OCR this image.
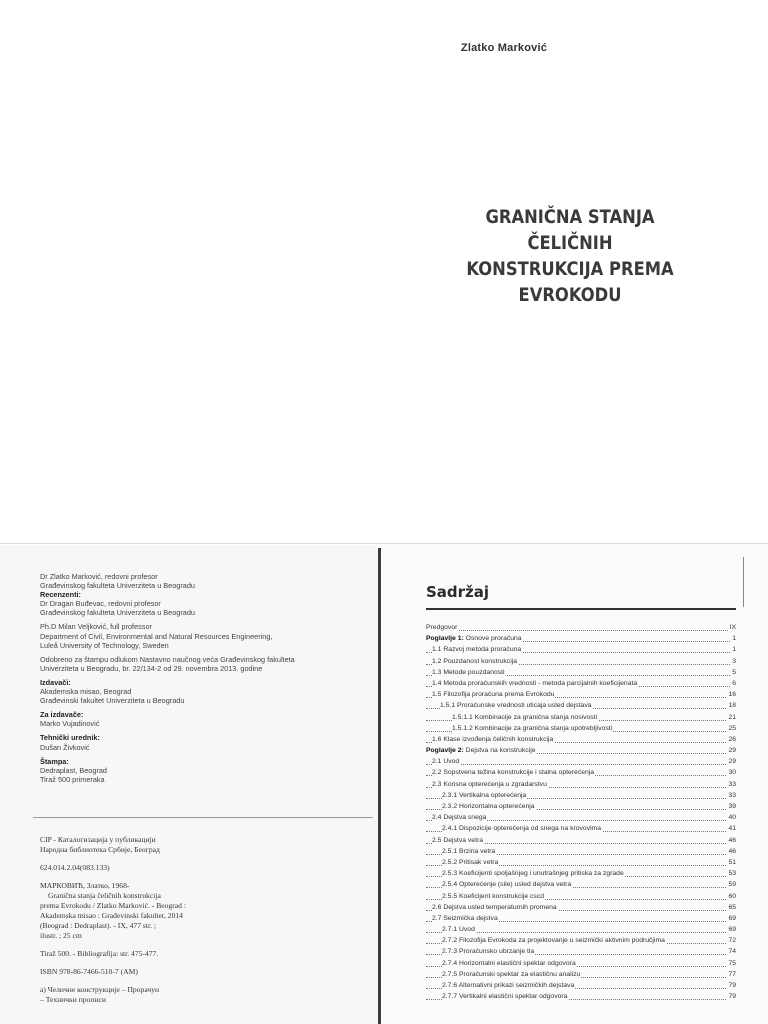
Zlatko Marković
GRANIČNA STANJA ČELIČNIH
KONSTRUKCIJA PREMA
EVROKODU
Dr Zlatko Marković, redovni profesor
Građevinskog fakulteta Univerziteta u Beogradu
Recenzenti:
Dr Dragan Buđevac, redovni profesor
Građevinskog fakulteta Univerziteta u Beogradu
Ph.D Milan Veljković, full professor
Department of Civil, Environmental and Natural Resources Engineering,
Luleå University of Technology, Sweden
Odobreno za štampu odlukom Nastavno naučnog veća Građevinskog fakulteta
Univerziteta u Beogradu, br. 22/134-2 od 29. novembra 2013. godine
Izdavači:
Akademska misao, Beograd
Građevinski fakultet Univerziteta u Beogradu
Za izdavače:
Marko Vujadinović
Tehnički urednik:
Dušan Živković
Štampa:
Dedraplast, Beograd
Tiraž 500 primeraka
CIP - Каталогизација у публикацији
Народна библиотека Србије, Београд
624.014.2.04(083.133)
МАРКОВИЋ, Златко, 1968-
Granična stanja čeličnih konstrukcija
prema Evrokodu / Zlatko Marković. - Beograd :
Akademska misao : Građevinski fakultet, 2014
(Beograd : Dedraplast). - IX, 477 str. ;
ilustr. ; 25 cm
Tiraž 500. - Bibliografija: str. 475-477.
ISBN 978-86-7466-510-7 (AM)
a) Челичне конструкције – Прорачун
– Технички прописи
Sadržaj
Predgovor	IX
Poglavlje 1: Osnove proračuna	1
1.1 Razvoj metoda proračuna	1
1.2 Pouzdanost konstrukcija	3
1.3 Metode pouzdanosti	5
1.4 Metoda proračunskih vrednosti - metoda parcijalnih koeficijenata	6
1.5 Filozofija proračuna prema Evrokodu	16
1.5.1 Proračunske vrednosti uticaja usled dejstava	18
1.5.1.1 Kombinacije za granična stanja nosivosti	21
1.5.1.2 Kombinacije za granična stanja upotrebljivosti	25
1.6 Klase izvođenja čeličnih konstrukcija	26
Poglavlje 2: Dejstva na konstrukcije	29
2.1 Uvod	29
2.2 Sopstvena težina konstrukcije i stalna opterećenja	30
2.3 Korisna opterećenja u zgradarstvu	33
2.3.1 Vertikalna opterećenja	33
2.3.2 Horizontalna opterećenja	39
2.4 Dejstva snega	40
2.4.1 Dispozicije opterećenja od snega na krovovima	41
2.5 Dejstva vetra	46
2.5.1 Brzina vetra	46
2.5.2 Pritisak vetra	51
2.5.3 Koeficijenti spoljašnjeg i unutrašnjeg pritiska za zgrade	53
2.5.4 Opterećenje (sile) usled dejstva vetra	59
2.5.5 Koeficijent konstrukcije cscd	60
2.6 Dejstva usled temperaturnih promena	65
2.7 Seizmička dejstva	69
2.7.1 Uvod	69
2.7.2 Filozofija Evrokoda za projektovanje u seizmički aktivnim područjima	72
2.7.3 Proračunsko ubrzanje tla	74
2.7.4 Horizontalni elastični spektar odgovora	75
2.7.5 Proračunski spektar za elastičnu analizu	77
2.7.6 Alternativni prikazi seizmičkih dejstava	79
2.7.7 Vertikalni elastični spektar odgovora	79
